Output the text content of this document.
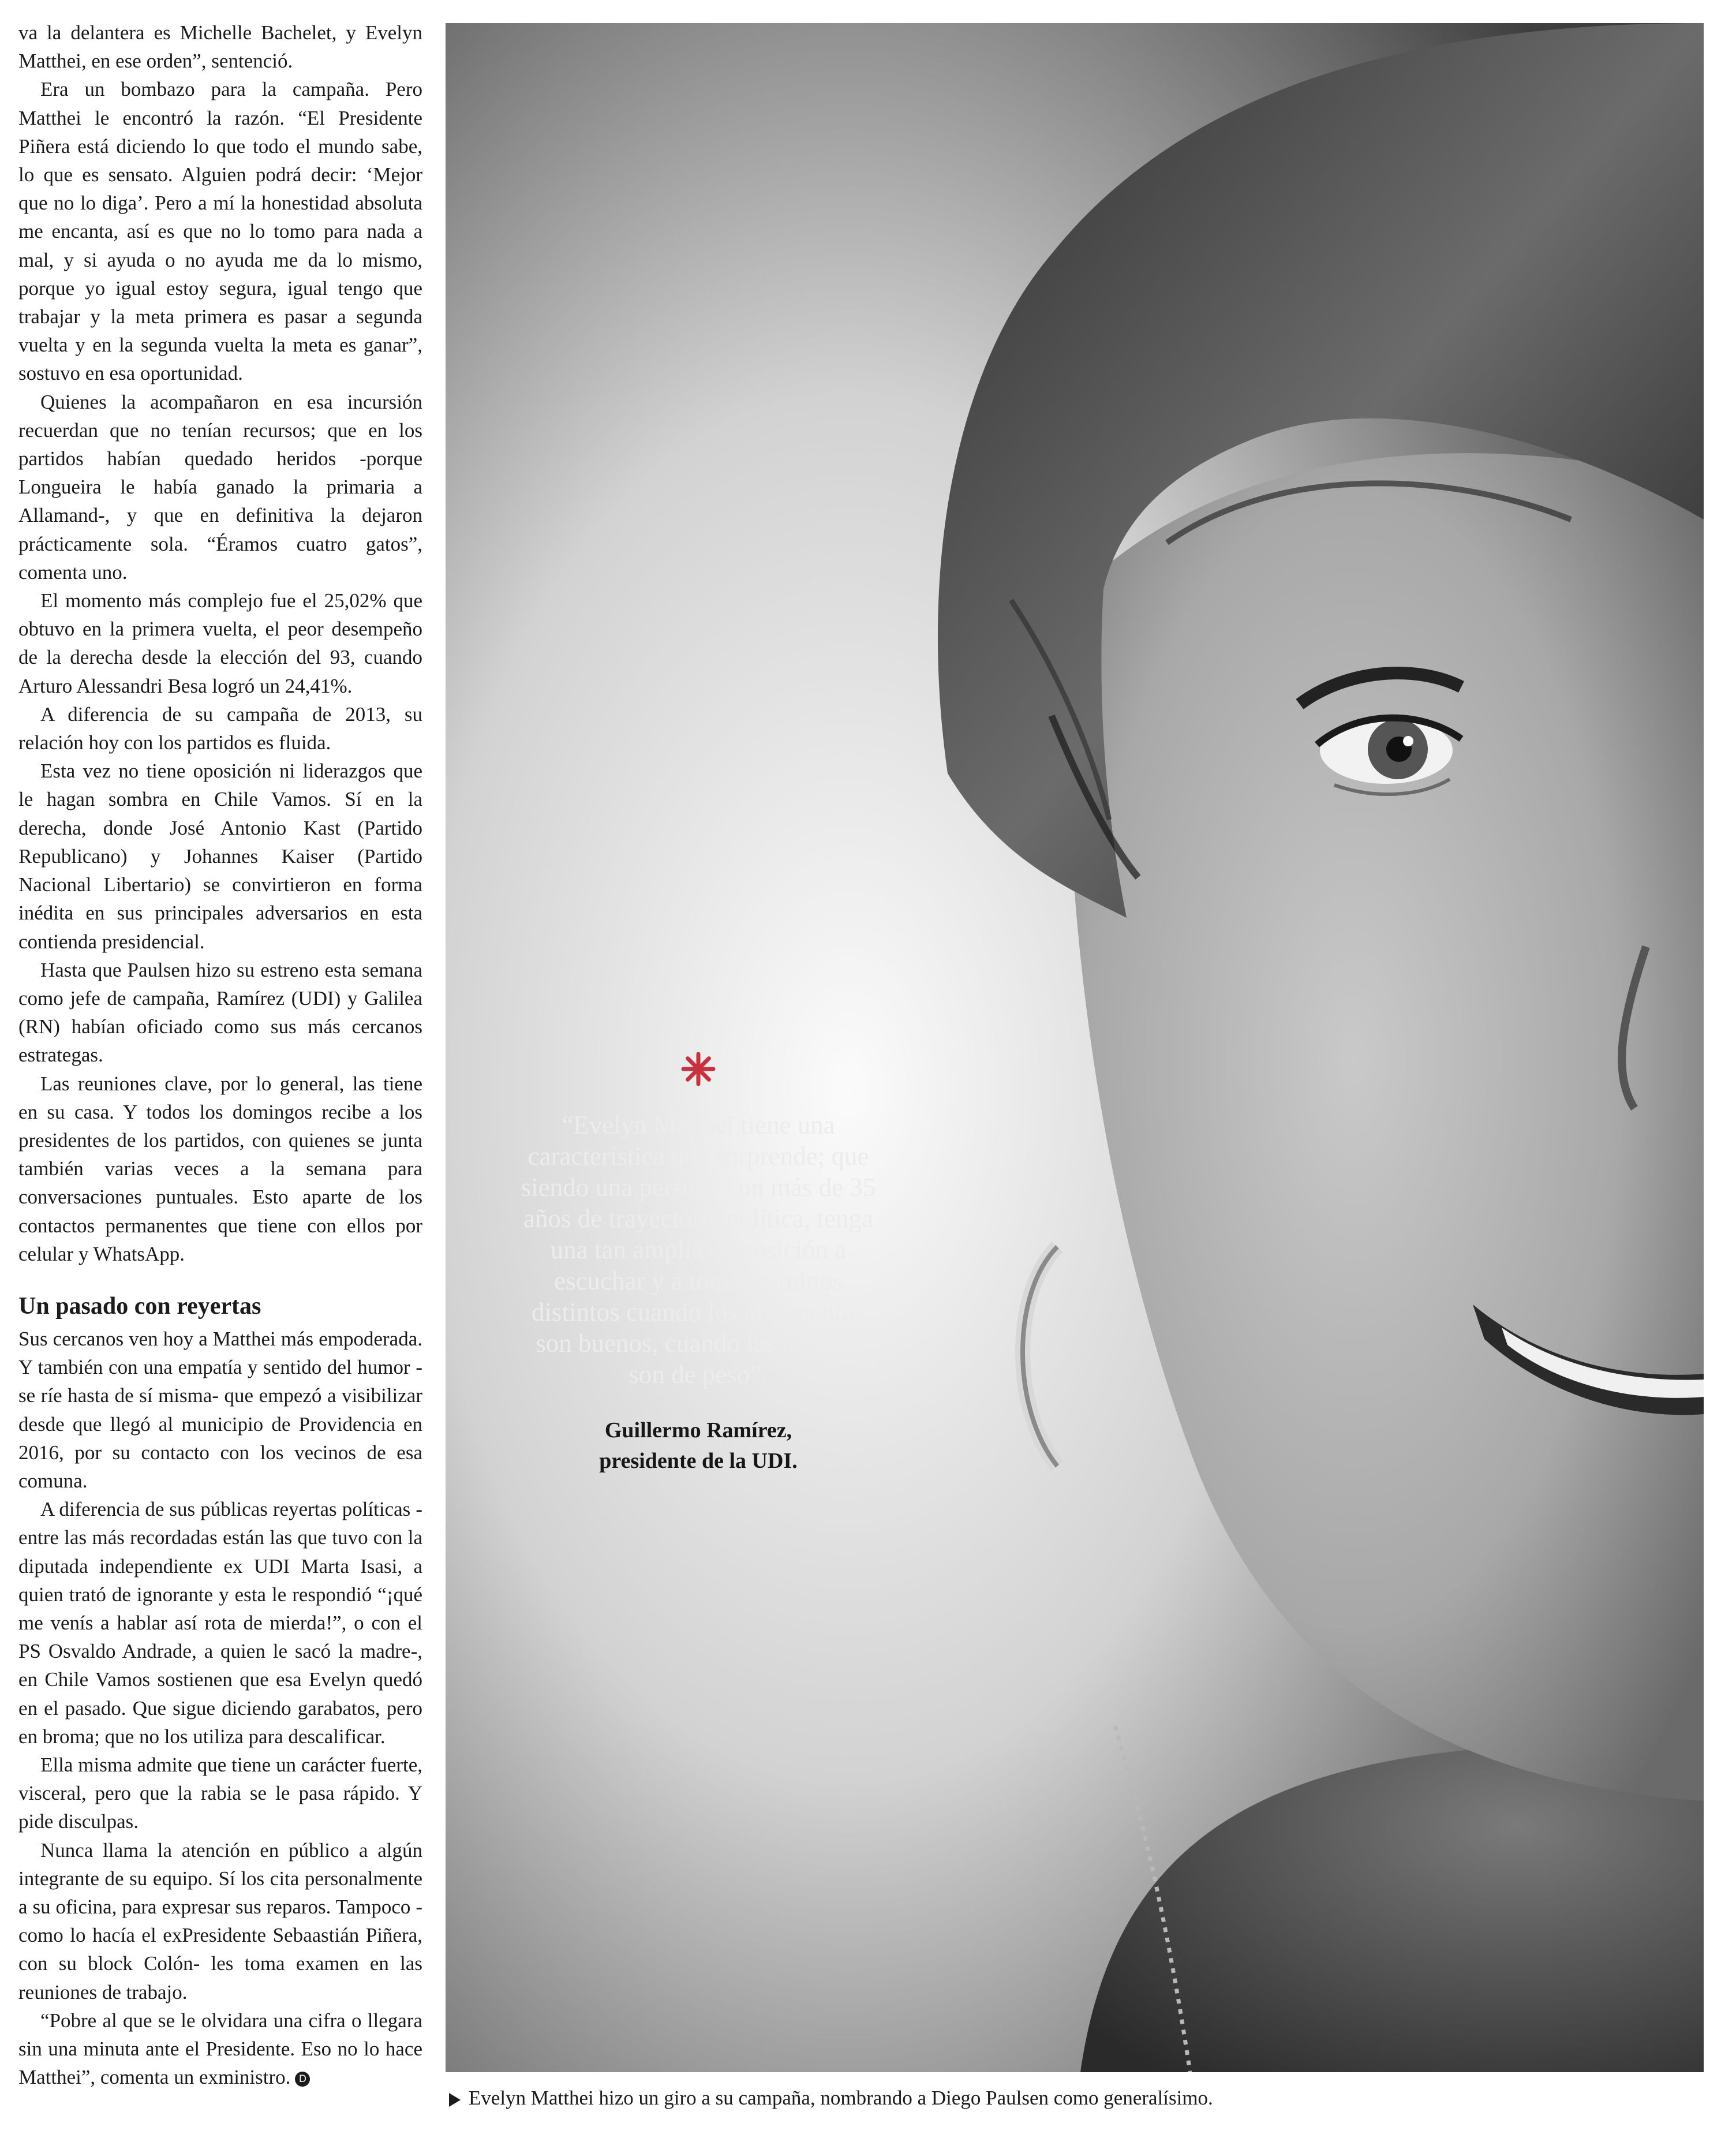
va la delantera es Michelle Bachelet, y Evelyn Matthei, en ese orden”, sentenció.

Era un bombazo para la campaña. Pero Matthei le encontró la razón. “El Presidente Piñera está diciendo lo que todo el mundo sabe, lo que es sensato. Alguien podrá decir: ‘Mejor que no lo diga’. Pero a mí la honestidad absoluta me encanta, así es que no lo tomo para nada a mal, y si ayuda o no ayuda me da lo mismo, porque yo igual estoy segura, igual tengo que trabajar y la meta primera es pasar a segunda vuelta y en la segunda vuelta la meta es ganar”, sostuvo en esa oportunidad.

Quienes la acompañaron en esa incursión recuerdan que no tenían recursos; que en los partidos habían quedado heridos -porque Longueira le había ganado la primaria a Allamand-, y que en definitiva la dejaron prácticamente sola. “Éramos cuatro gatos”, comenta uno.

El momento más complejo fue el 25,02% que obtuvo en la primera vuelta, el peor desempeño de la derecha desde la elección del 93, cuando Arturo Alessandri Besa logró un 24,41%.

A diferencia de su campaña de 2013, su relación hoy con los partidos es fluida.

Esta vez no tiene oposición ni liderazgos que le hagan sombra en Chile Vamos. Sí en la derecha, donde José Antonio Kast (Partido Republicano) y Johannes Kaiser (Partido Nacional Libertario) se convirtieron en forma inédita en sus principales adversarios en esta contienda presidencial.

Hasta que Paulsen hizo su estreno esta semana como jefe de campaña, Ramírez (UDI) y Galilea (RN) habían oficiado como sus más cercanos estrategas.

Las reuniones clave, por lo general, las tiene en su casa. Y todos los domingos recibe a los presidentes de los partidos, con quienes se junta también varias veces a la semana para conversaciones puntuales. Esto aparte de los contactos permanentes que tiene con ellos por celular y WhatsApp.

Un pasado con reyertas

Sus cercanos ven hoy a Matthei más empoderada. Y también con una empatía y sentido del humor -se ríe hasta de sí misma- que empezó a visibilizar desde que llegó al municipio de Providencia en 2016, por su contacto con los vecinos de esa comuna.

A diferencia de sus públicas reyertas políticas -entre las más recordadas están las que tuvo con la diputada independiente ex UDI Marta Isasi, a quien trató de ignorante y esta le respondió “¡qué me venís a hablar así rota de mierda!”, o con el PS Osvaldo Andrade, a quien le sacó la madre-, en Chile Vamos sostienen que esa Evelyn quedó en el pasado. Que sigue diciendo garabatos, pero en broma; que no los utiliza para descalificar.

Ella misma admite que tiene un carácter fuerte, visceral, pero que la rabia se le pasa rápido. Y pide disculpas.

Nunca llama la atención en público a algún integrante de su equipo. Sí los cita personalmente a su oficina, para expresar sus reparos. Tampoco -como lo hacía el exPresidente Sebaastián Piñera, con su block Colón- les toma examen en las reuniones de trabajo.

“Pobre al que se le olvidara una cifra o llegara sin una minuta ante el Presidente. Eso no lo hace Matthei”, comenta un exministro. D

“Evelyn Matthei tiene una característica que sorprende; que siendo una persona con más de 35 años de trayectoria política, tenga una tan amplia disposición a escuchar y a tomar caminos distintos cuando los argumentos son buenos, cuando las razones son de peso”.

Guillermo Ramírez,
presidente de la UDI.
Evelyn Matthei hizo un giro a su campaña, nombrando a Diego Paulsen como generalísimo.
